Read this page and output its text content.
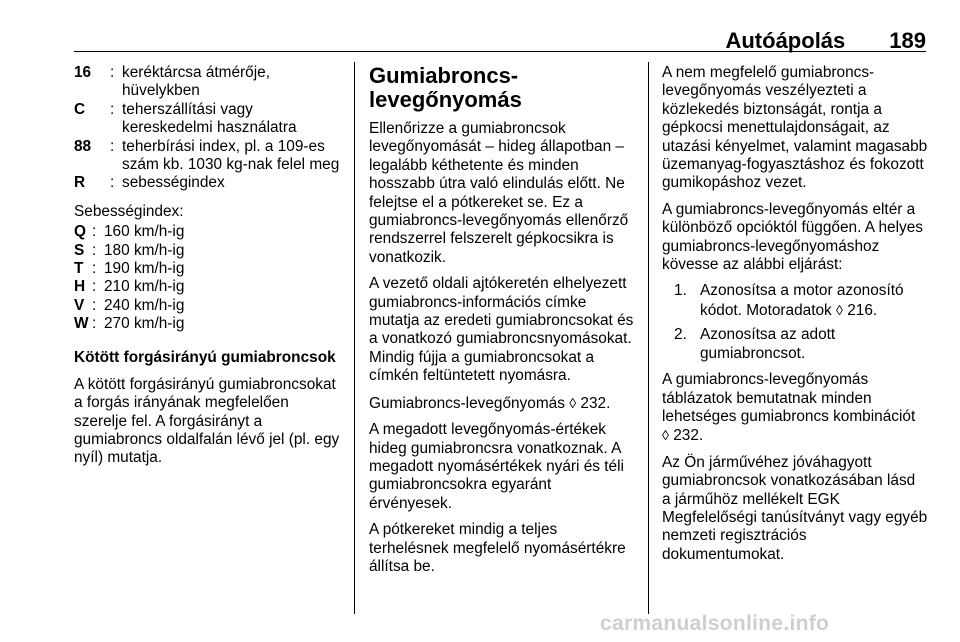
Autóápolás 189
16	: keréktárcsa átmérője, hüvelykben
C	: teherszállítási vagy kereskedelmi használatra
88	: teherbírási index, pl. a 109-es szám kb. 1030 kg-nak felel meg
R	: sebességindex

Sebességindex:

Q : 160 km/h-ig
S : 180 km/h-ig
T : 190 km/h-ig
H : 210 km/h-ig
V : 240 km/h-ig
W : 270 km/h-ig
Kötött forgásirányú gumiabroncsok

A kötött forgásirányú gumiabroncsokat a forgás irányának megfelelően szerelje fel. A forgásirányt a gumiabroncs oldalfalán lévő jel (pl. egy nyíl) mutatja.

Gumiabroncs-levegőnyomás

Ellenőrizze a gumiabroncsok levegőnyomását – hideg állapotban – legalább kéthetente és minden hosszabb útra való elindulás előtt. Ne felejtse el a pótkereket se. Ez a gumiabroncs-levegőnyomás ellenőrző rendszerrel felszerelt gépkocsikra is vonatkozik.

A vezető oldali ajtókeretén elhelyezett gumiabroncs-információs címke mutatja az eredeti gumiabroncsokat és a vonatkozó gumiabroncsnyomásokat. Mindig fújja a gumiabroncsokat a címkén feltüntetett nyomásra.

Gumiabroncs-levegőnyomás ◊ 232.

A megadott levegőnyomás-értékek hideg gumiabroncsra vonatkoznak. A megadott nyomásértékek nyári és téli gumiabroncsokra egyaránt érvényesek.

A pótkereket mindig a teljes terhelésnek megfelelő nyomásértékre állítsa be.

A nem megfelelő gumiabroncs-levegőnyomás veszélyezteti a közlekedés biztonságát, rontja a gépkocsi menettulajdonságait, az utazási kényelmet, valamint magasabb üzemanyag-fogyasztáshoz és fokozott gumikopáshoz vezet.

A gumiabroncs-levegőnyomás eltér a különböző opcióktól függően. A helyes gumiabroncs-levegőnyomáshoz kövesse az alábbi eljárást:

1. Azonosítsa a motor azonosító kódot. Motoradatok ◊ 216.
2. Azonosítsa az adott gumiabroncsot.

A gumiabroncs-levegőnyomás táblázatok bemutatnak minden lehetséges gumiabroncs kombinációt
◊ 232.

Az Ön járművéhez jóváhagyott gumiabroncsok vonatkozásában lásd a járműhöz mellékelt EGK Megfelelőségi tanúsítványt vagy egyéb nemzeti regisztrációs dokumentumokat.

carmanualsonline.info
